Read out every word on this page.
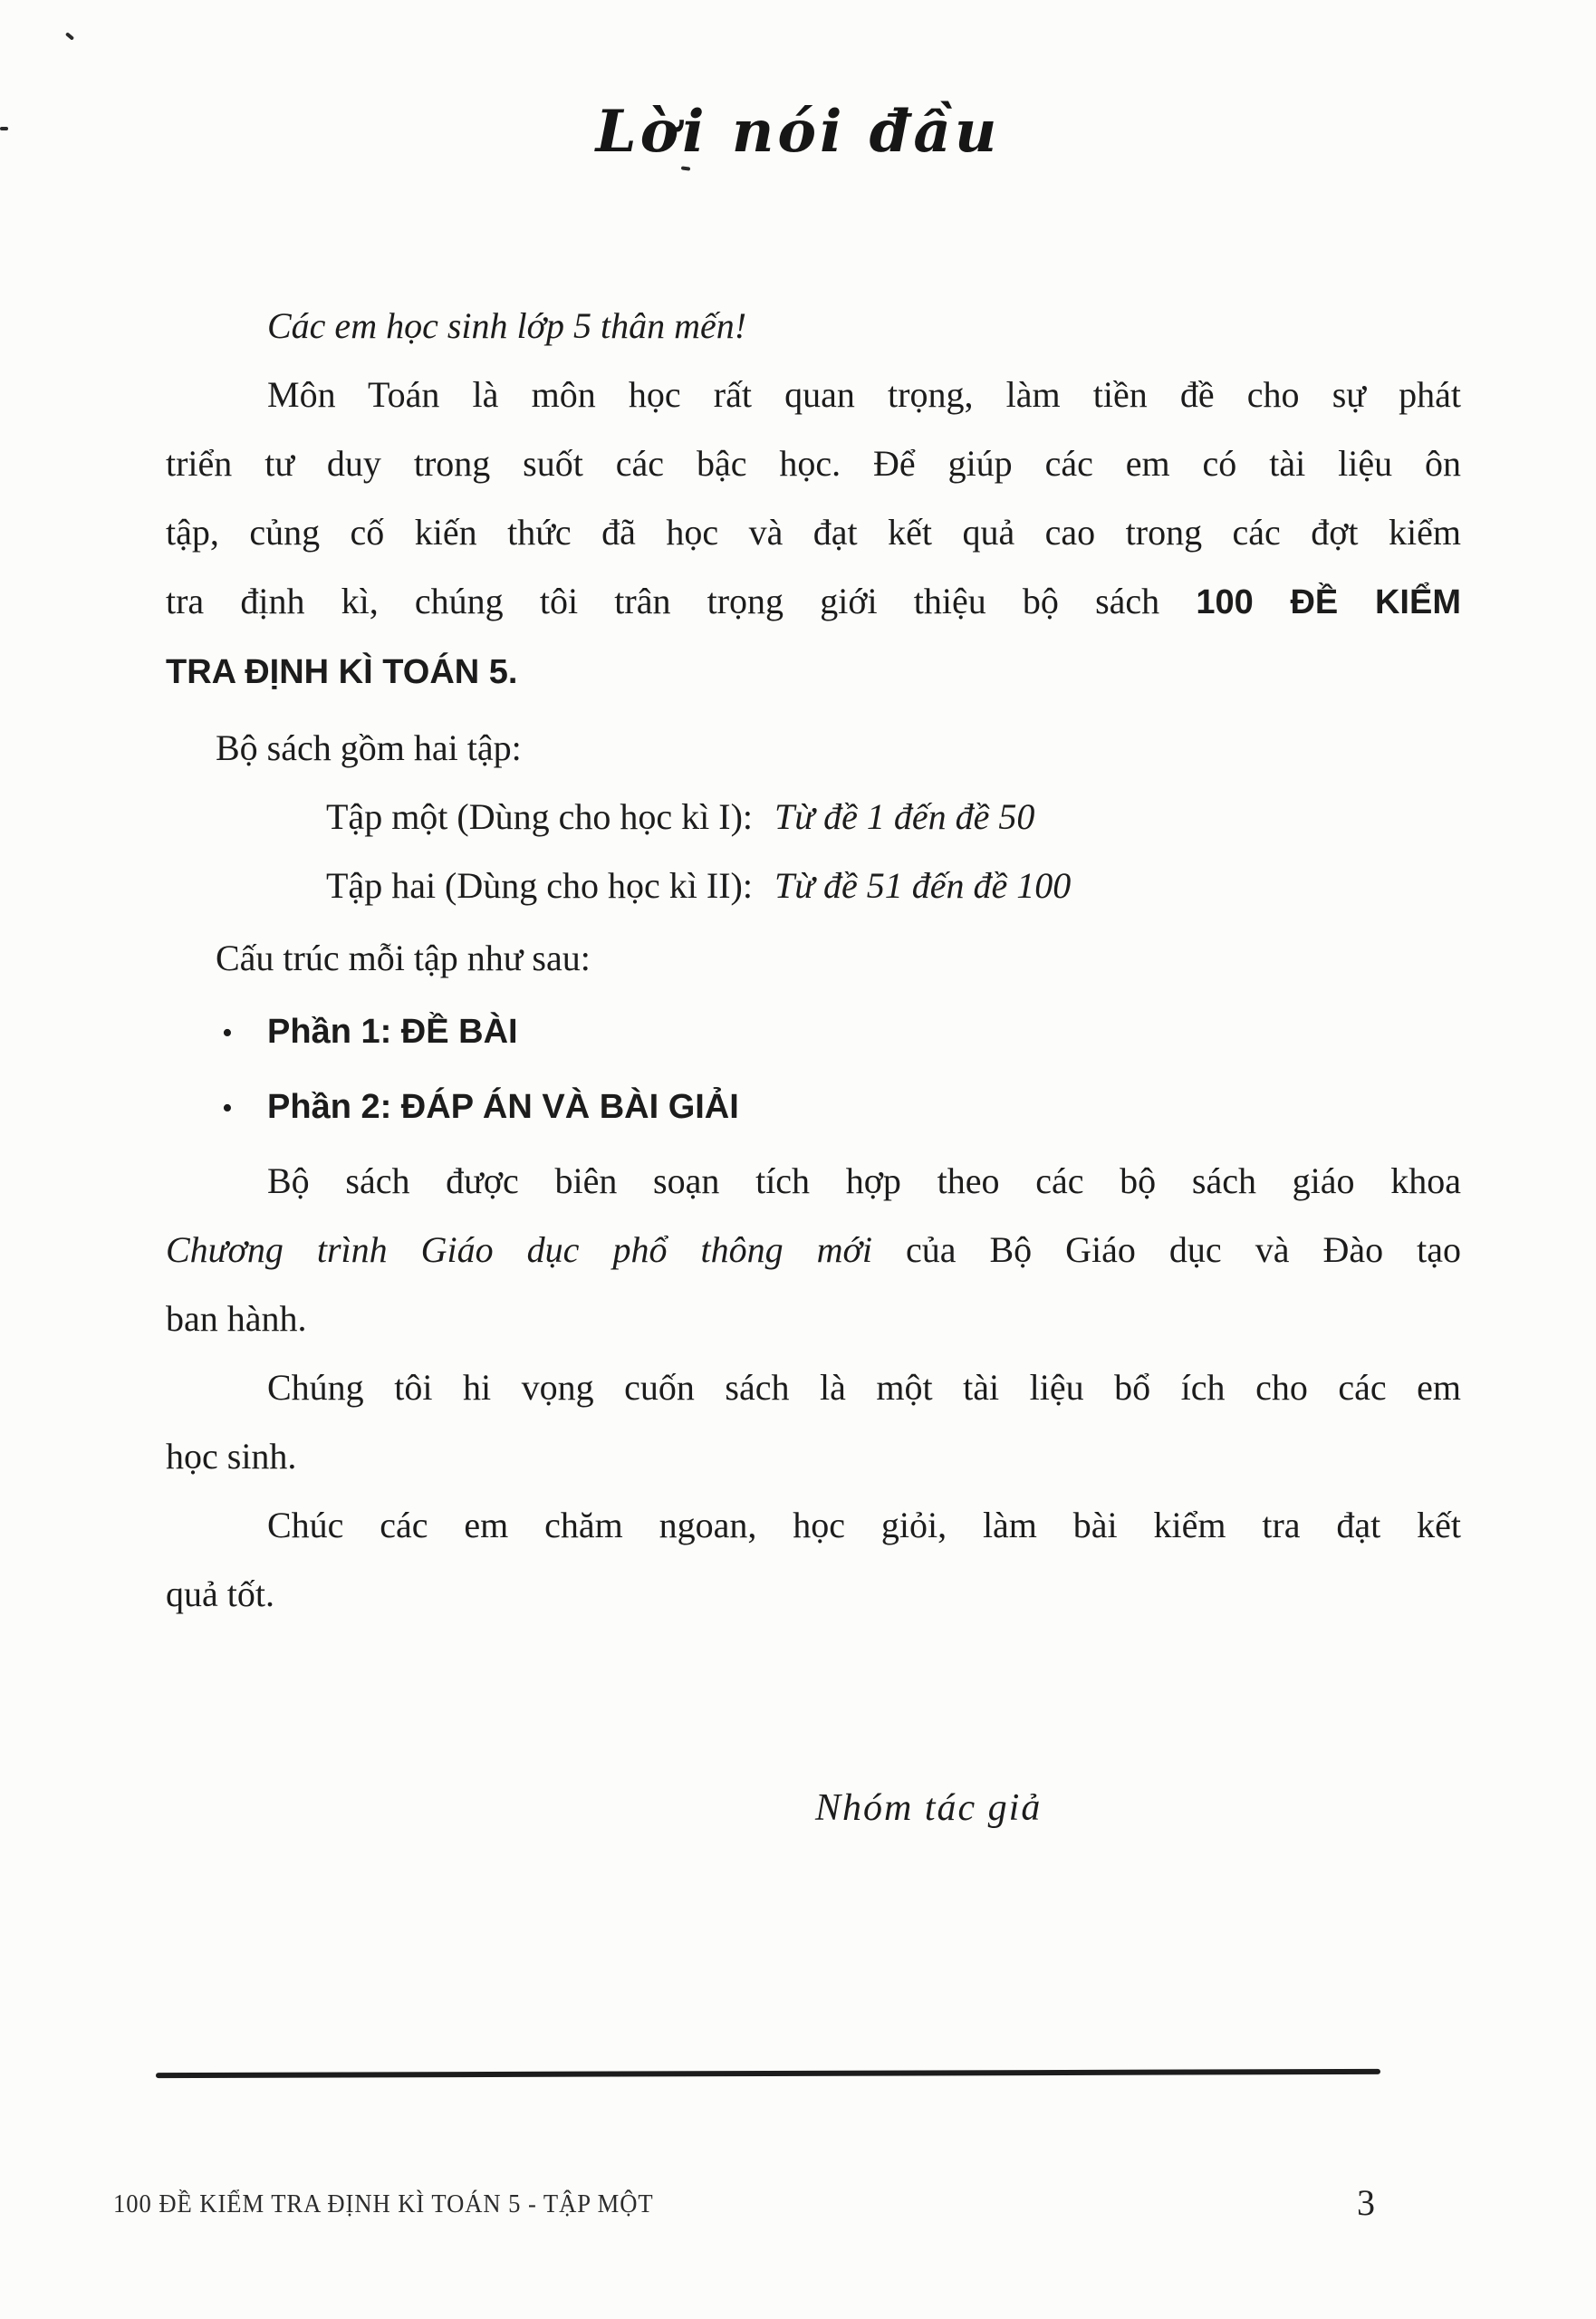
Lời nói đầu
Các em học sinh lớp 5 thân mến!
Môn Toán là môn học rất quan trọng, làm tiền đề cho sự phát
triển tư duy trong suốt các bậc học. Để giúp các em có tài liệu ôn
tập, củng cố kiến thức đã học và đạt kết quả cao trong các đợt kiểm
tra định kì, chúng tôi trân trọng giới thiệu bộ sách 100 ĐỀ KIỂM
TRA ĐỊNH KÌ TOÁN 5.
Bộ sách gồm hai tập:
Tập một (Dùng cho học kì I): Từ đề 1 đến đề 50
Tập hai (Dùng cho học kì II): Từ đề 51 đến đề 100
Cấu trúc mỗi tập như sau:
• Phần 1: ĐỀ BÀI
• Phần 2: ĐÁP ÁN VÀ BÀI GIẢI
Bộ sách được biên soạn tích hợp theo các bộ sách giáo khoa
Chương trình Giáo dục phổ thông mới của Bộ Giáo dục và Đào tạo
ban hành.
Chúng tôi hi vọng cuốn sách là một tài liệu bổ ích cho các em
học sinh.
Chúc các em chăm ngoan, học giỏi, làm bài kiểm tra đạt kết
quả tốt.
Nhóm tác giả
100 ĐỀ KIỂM TRA ĐỊNH KÌ TOÁN 5 - TẬP MỘT	3
